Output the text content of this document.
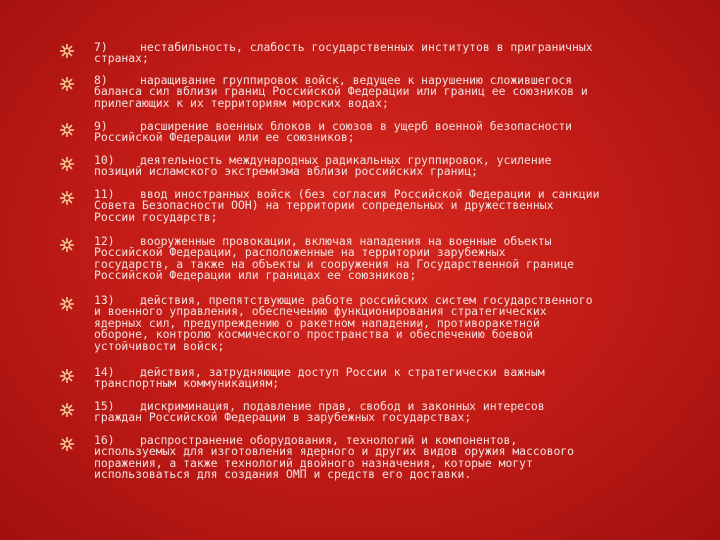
7)	нестабильность, слабость государственных институтов в приграничных
странах;
8)	наращивание группировок войск, ведущее к нарушению сложившегося
баланса сил вблизи границ Российской Федерации или границ ее союзников и
прилегающих к их территориям морских водах;
9)	расширение военных блоков и союзов в ущерб военной безопасности
Российской Федерации или ее союзников;
10) деятельность международных радикальных группировок, усиление
позиций исламского экстремизма вблизи российских границ;
11) ввод иностранных войск (без согласия Российской Федерации и санкции
Совета Безопасности ООН) на территории сопредельных и дружественных
России государств;
12) вооруженные провокации, включая нападения на военные объекты
Российской Федерации, расположенные на территории зарубежных
государств, а также на объекты и сооружения на Государственной границе
Российской Федерации или границах ее союзников;
13) действия, препятствующие работе российских систем государственного
и военного управления, обеспечению функционирования стратегических
ядерных сил, предупреждению о ракетном нападении, противоракетной
обороне, контролю космического пространства и обеспечению боевой
устойчивости войск;
14) действия, затрудняющие доступ России к стратегически важным
транспортным коммуникациям;
15) дискриминация, подавление прав, свобод и законных интересов
граждан Российской Федерации в зарубежных государствах;
16) распространение оборудования, технологий и компонентов,
используемых для изготовления ядерного и других видов оружия массового
поражения, а также технологий двойного назначения, которые могут
использоваться для создания ОМП и средств его доставки.
